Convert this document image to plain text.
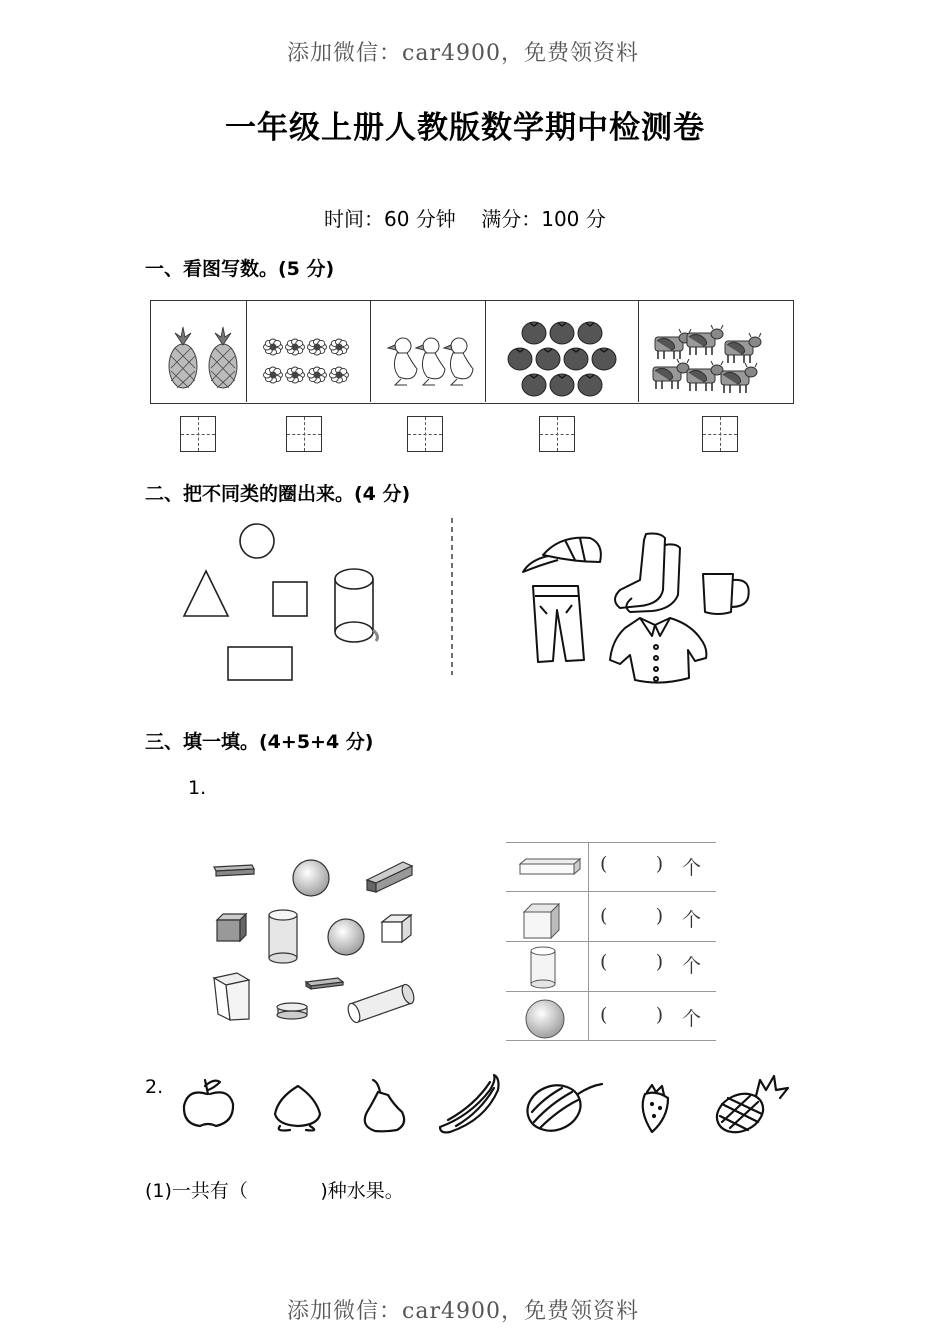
添加微信：car4900，免费领资料
一年级上册人教版数学期中检测卷
时间：60 分钟    满分：100 分
一、看图写数。(5 分)
二、把不同类的圈出来。(4 分)
三、填一填。(4+5+4 分)
1.
(        ) 个
(        ) 个
(        ) 个
(        ) 个
2.
(1)一共有（            )种水果。
添加微信：car4900，免费领资料
